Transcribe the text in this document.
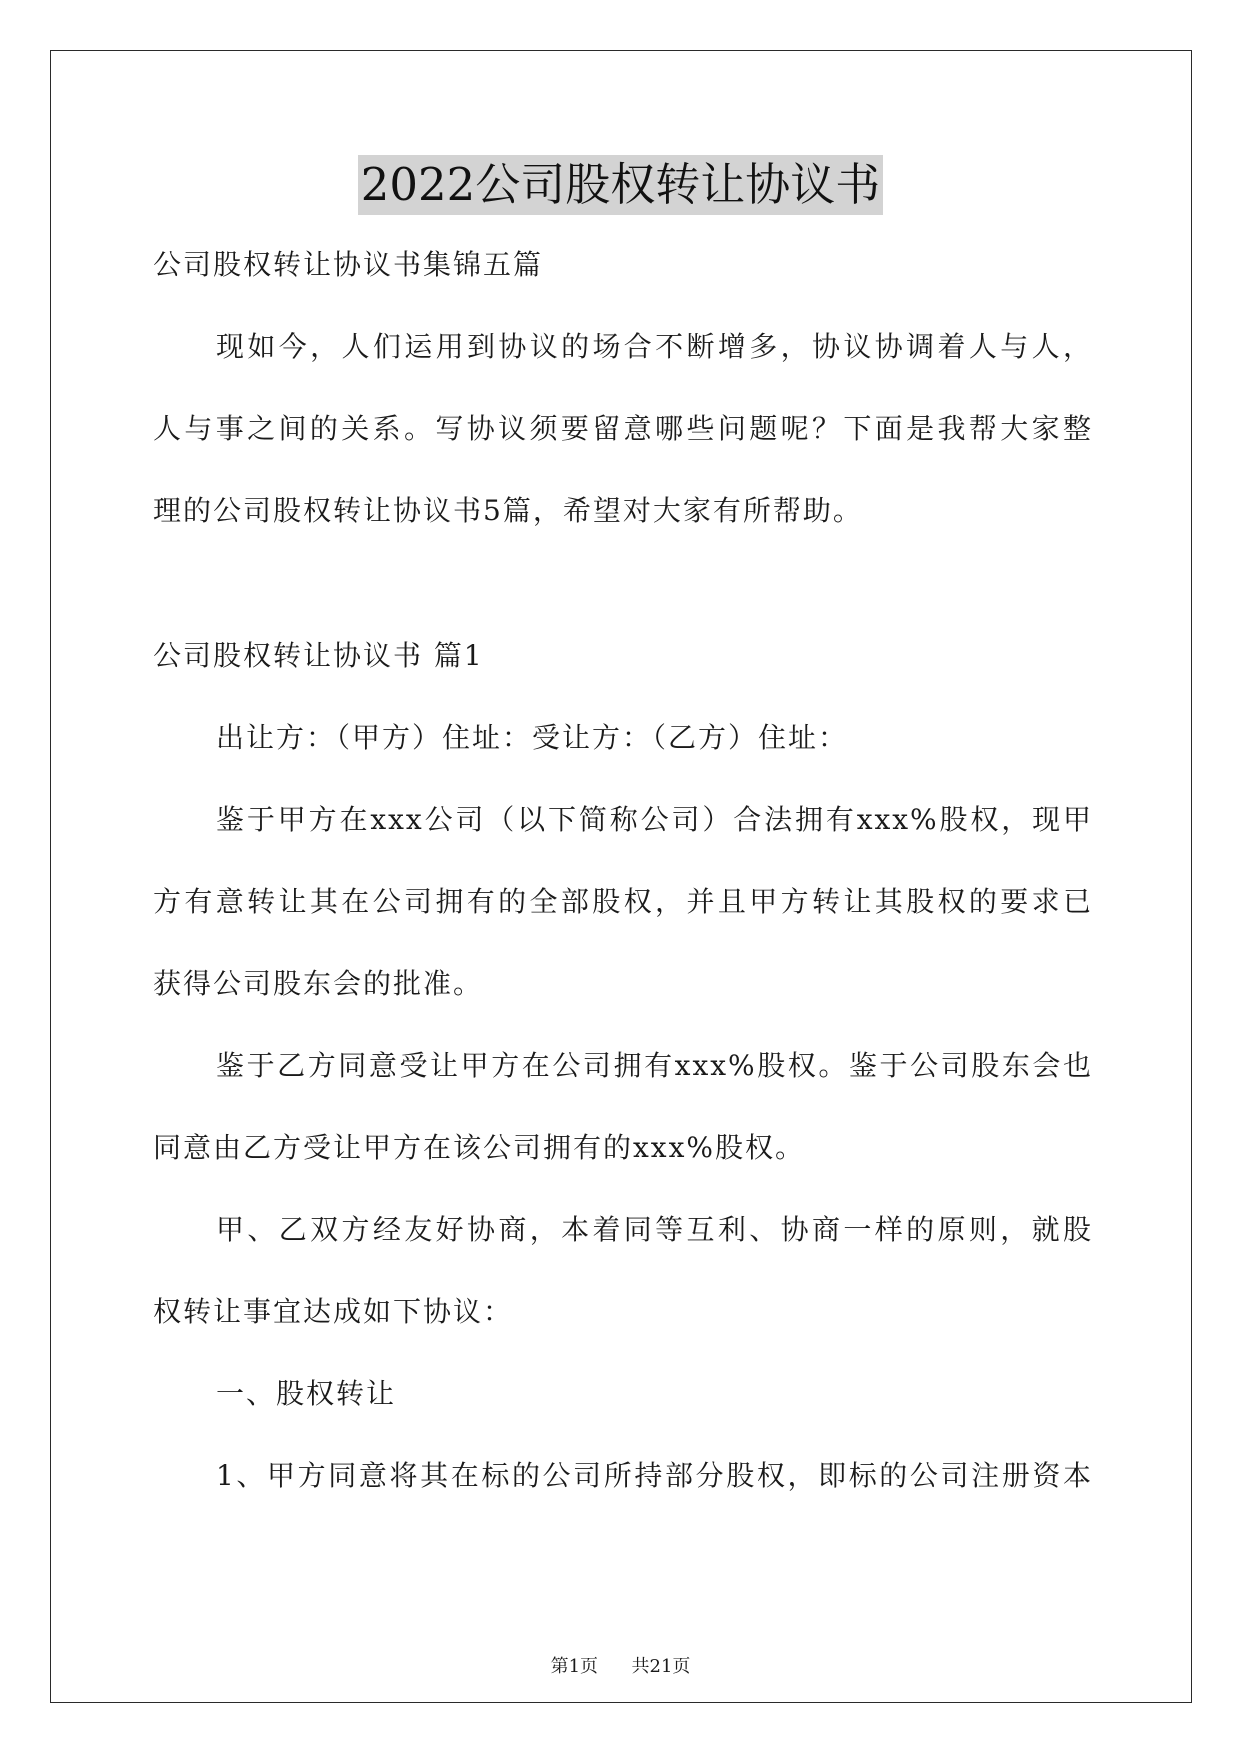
2022公司股权转让协议书
公司股权转让协议书集锦五篇
现如今，人们运用到协议的场合不断增多，协议协调着人与人，
人与事之间的关系。写协议须要留意哪些问题呢？下面是我帮大家整
理的公司股权转让协议书5篇，希望对大家有所帮助。
公司股权转让协议书 篇1
出让方：（甲方）住址：受让方：（乙方）住址：
鉴于甲方在xxx公司（以下简称公司）合法拥有xxx%股权，现甲
方有意转让其在公司拥有的全部股权，并且甲方转让其股权的要求已
获得公司股东会的批准。
鉴于乙方同意受让甲方在公司拥有xxx%股权。鉴于公司股东会也
同意由乙方受让甲方在该公司拥有的xxx%股权。
甲、乙双方经友好协商，本着同等互利、协商一样的原则，就股
权转让事宜达成如下协议：
一、股权转让
1、甲方同意将其在标的公司所持部分股权，即标的公司注册资本
第1页 共21页
